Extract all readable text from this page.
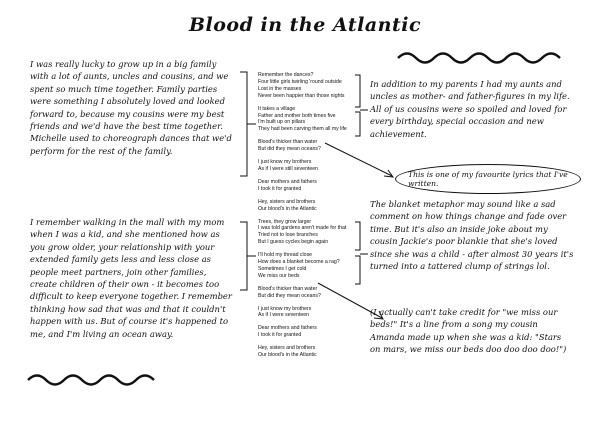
Blood in the Atlantic

I was really lucky to grow up in a big family with a lot of aunts, uncles and cousins, and we spent so much time together. Family parties were something I absolutely loved and looked forward to, because my cousins were my best friends and we'd have the best time together. Michelle used to choreograph dances that we'd perform for the rest of the family.

I remember walking in the mall with my mom when I was a kid, and she mentioned how as you grow older, your relationship with your extended family gets less and less close as people meet partners, join other families, create children of their own - it becomes too difficult to keep everyone together. I remember thinking how sad that was and that it couldn't happen with us. But of course it's happened to me, and I'm living an ocean away.

In addition to my parents I had my aunts and uncles as mother- and father-figures in my life. All of us cousins were so spoiled and loved for every birthday, special occasion and new achievement.

This is one of my favourite lyrics that I've written.

The blanket metaphor may sound like a sad comment on how things change and fade over time. But it's also an inside joke about my cousin Jackie's poor blankie that she's loved since she was a child - after almost 30 years it's turned into a tattered clump of strings lol.

(I actually can't take credit for "we miss our beds!" It's a line from a song my cousin Amanda made up when she was a kid: "Stars on mars, we miss our beds doo doo doo doo!")

Remember the dances?
Four little girls twirling 'round outside
Lost in the masses
Never been happier than those nights
It takes a village
Father and mother both times five
I'm built up on pillars
They had been carving them all my life
Blood's thicker than water
But did they mean oceans?
I just know my brothers
As if I were still seventeen
Dear mothers and fathers
I took it for granted
Hey, sisters and brothers
Our blood's in the Atlantic
Trees, they grow larger
I was told gardens aren't made for that
Tried not to lose branches
But I guess cycles begin again
I'll hold my thread close
How does a blanket become a rag?
Sometimes I get cold
We miss our beds
Blood's thicker than water
But did they mean oceans?
I just know my brothers
As if I were seventeen
Dear mothers and fathers
I took it for granted
Hey, sisters and brothers
Our blood's in the Atlantic
